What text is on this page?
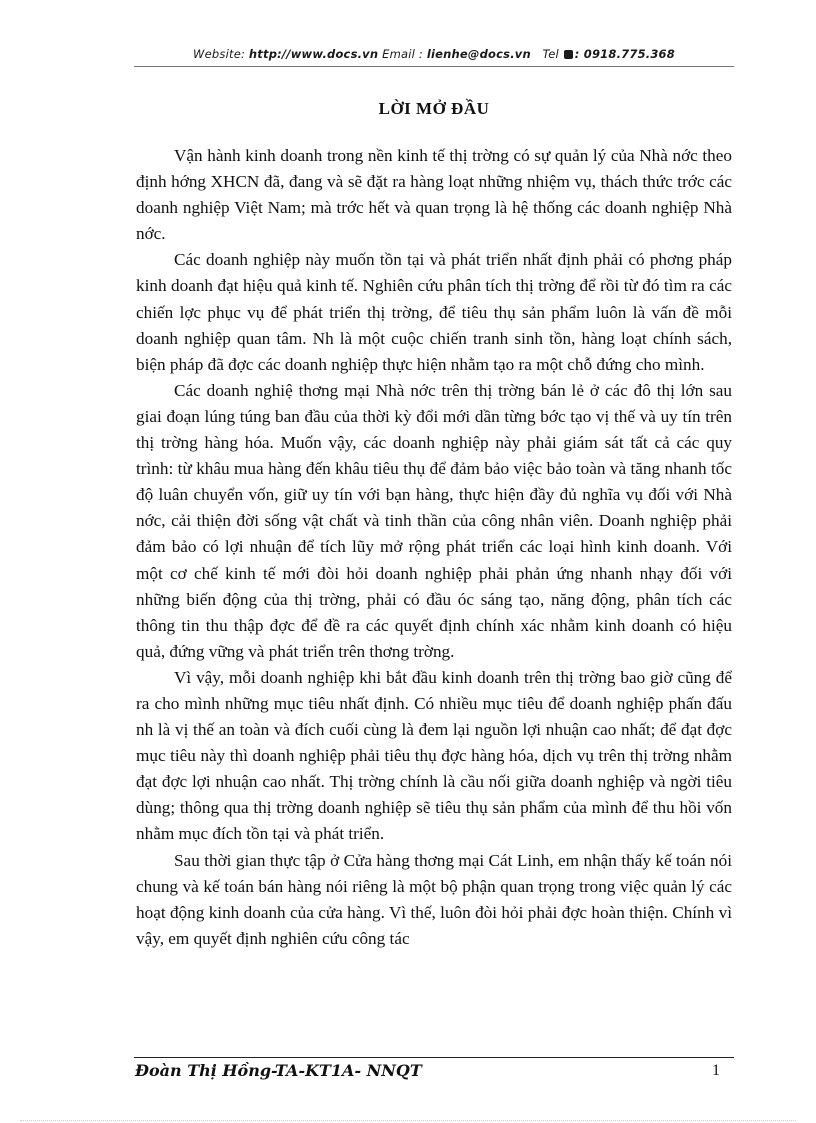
Website: http://www.docs.vn Email : lienhe@docs.vn Tel : 0918.775.368
LỜI MỞ ĐẦU

Vận hành kinh doanh trong nền kinh tế thị trờng có sự quản lý của Nhà nớc theo định hớng XHCN đã, đang và sẽ đặt ra hàng loạt những nhiệm vụ, thách thức trớc các doanh nghiệp Việt Nam; mà trớc hết và quan trọng là hệ thống các doanh nghiệp Nhà nớc.

Các doanh nghiệp này muốn tồn tại và phát triển nhất định phải có phơng pháp kinh doanh đạt hiệu quả kinh tế. Nghiên cứu phân tích thị trờng để rồi từ đó tìm ra các chiến lợc phục vụ để phát triển thị trờng, để tiêu thụ sản phẩm luôn là vấn đề mỗi doanh nghiệp quan tâm. Nh là một cuộc chiến tranh sinh tồn, hàng loạt chính sách, biện pháp đã đợc các doanh nghiệp thực hiện nhằm tạo ra một chỗ đứng cho mình.

Các doanh nghiệ thơng mại Nhà nớc trên thị trờng bán lẻ ở các đô thị lớn sau giai đoạn lúng túng ban đầu của thời kỳ đổi mới dần từng bớc tạo vị thế và uy tín trên thị trờng hàng hóa. Muốn vậy, các doanh nghiệp này phải giám sát tất cả các quy trình: từ khâu mua hàng đến khâu tiêu thụ để đảm bảo việc bảo toàn và tăng nhanh tốc độ luân chuyển vốn, giữ uy tín với bạn hàng, thực hiện đầy đủ nghĩa vụ đối với Nhà nớc, cải thiện đời sống vật chất và tinh thần của công nhân viên. Doanh nghiệp phải đảm bảo có lợi nhuận để tích lũy mở rộng phát triển các loại hình kinh doanh. Với một cơ chế kinh tế mới đòi hỏi doanh nghiệp phải phản ứng nhanh nhạy đối với những biến động của thị trờng, phải có đầu óc sáng tạo, năng động, phân tích các thông tin thu thập đợc để đề ra các quyết định chính xác nhằm kinh doanh có hiệu quả, đứng vững và phát triển trên thơng trờng.

Vì vậy, mỗi doanh nghiệp khi bắt đầu kinh doanh trên thị trờng bao giờ cũng để ra cho mình những mục tiêu nhất định. Có nhiều mục tiêu để doanh nghiệp phấn đấu nh là vị thế an toàn và đích cuối cùng là đem lại nguồn lợi nhuận cao nhất; để đạt đợc mục tiêu này thì doanh nghiệp phải tiêu thụ đợc hàng hóa, dịch vụ trên thị trờng nhằm đạt đợc lợi nhuận cao nhất. Thị trờng chính là cầu nối giữa doanh nghiệp và ngời tiêu dùng; thông qua thị trờng doanh nghiệp sẽ tiêu thụ sản phẩm của mình để thu hồi vốn nhằm mục đích tồn tại và phát triển.

Sau thời gian thực tập ở Cửa hàng thơng mại Cát Linh, em nhận thấy kế toán nói chung và kế toán bán hàng nói riêng là một bộ phận quan trọng trong việc quản lý các hoạt động kinh doanh của cửa hàng. Vì thế, luôn đòi hỏi phải đợc hoàn thiện. Chính vì vậy, em quyết định nghiên cứu công tác

Đoàn Thị Hồng-TA-KT1A- NNQT	1
